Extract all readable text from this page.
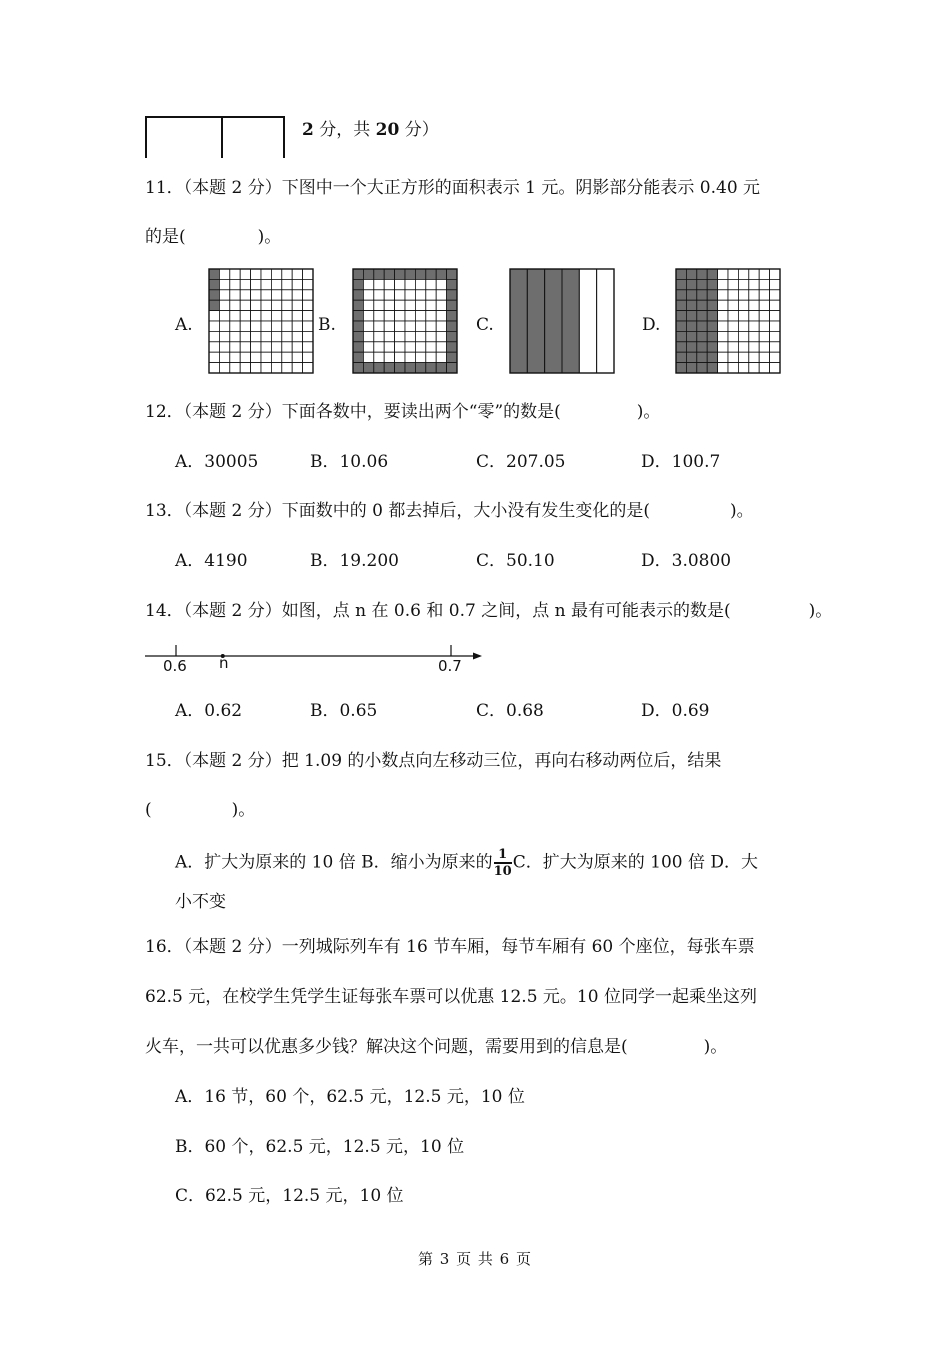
2 分，共 20 分）
11．（本题 2 分）下图中一个大正方形的面积表示 1 元。阴影部分能表示 0.40 元
的是(	)。
A.	B.	C.	D.
12．（本题 2 分）下面各数中，要读出两个“零”的数是(	)。
A．30005	B．10.06	C．207.05	D．100.7
13．（本题 2 分）下面数中的 0 都去掉后，大小没有发生变化的是(	)。
A．4190	B．19.200	C．50.10	D．3.0800
14．（本题 2 分）如图，点 n 在 0.6 和 0.7 之间，点 n 最有可能表示的数是(	)。
0.6	0.7
n
A．0.62	B．0.65	C．0.68	D．0.69
15．（本题 2 分）把 1.09 的小数点向左移动三位，再向右移动两位后，结果
(	)。
A．扩大为原来的 10 倍 B．缩小为原来的 $\frac{1}{10}$ C．扩大为原来的 100 倍 D．大
小不变
16．（本题 2 分）一列城际列车有 16 节车厢，每节车厢有 60 个座位，每张车票
62.5 元，在校学生凭学生证每张车票可以优惠 12.5 元。10 位同学一起乘坐这列
火车，一共可以优惠多少钱？解决这个问题，需要用到的信息是(	)。
A．16 节，60 个，62.5 元，12.5 元，10 位
B．60 个，62.5 元，12.5 元，10 位
C．62.5 元，12.5 元，10 位
第 3 页 共 6 页
